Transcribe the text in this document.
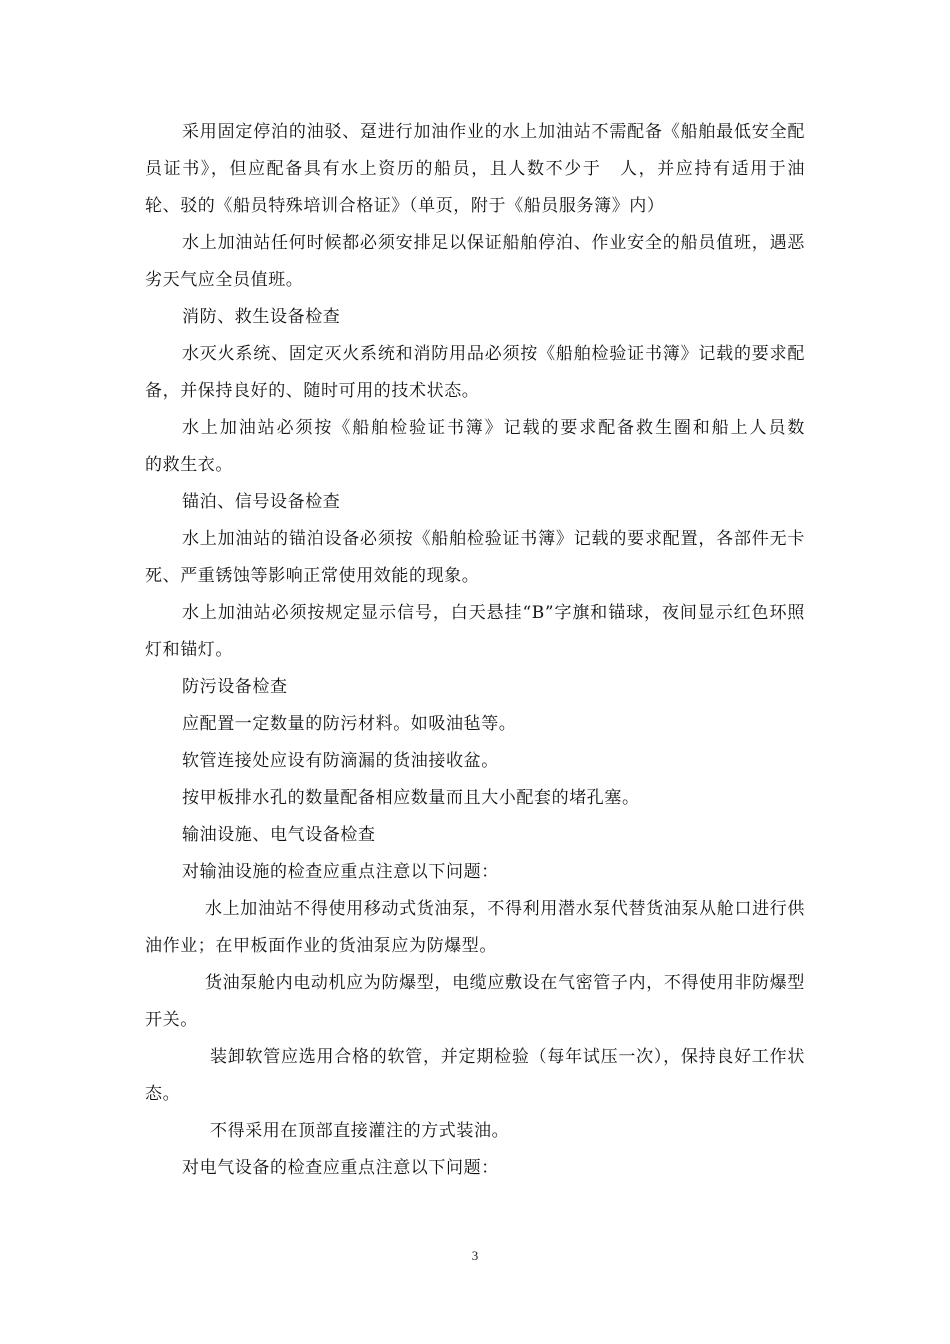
采用固定停泊的油驳、趸进行加油作业的水上加油站不需配备《船舶最低安全配员证书》，但应配备具有水上资历的船员，且人数不少于　人，并应持有适用于油轮、驳的《船员特殊培训合格证》（单页，附于《船员服务簿》内）

水上加油站任何时候都必须安排足以保证船舶停泊、作业安全的船员值班，遇恶劣天气应全员值班。

消防、救生设备检查

水灭火系统、固定灭火系统和消防用品必须按《船舶检验证书簿》记载的要求配备，并保持良好的、随时可用的技术状态。

水上加油站必须按《船舶检验证书簿》记载的要求配备救生圈和船上人员数　　的救生衣。

锚泊、信号设备检查

水上加油站的锚泊设备必须按《船舶检验证书簿》记载的要求配置，各部件无卡死、严重锈蚀等影响正常使用效能的现象。

水上加油站必须按规定显示信号，白天悬挂“B”字旗和锚球，夜间显示红色环照灯和锚灯。

防污设备检查

应配置一定数量的防污材料。如吸油毡等。

软管连接处应设有防滴漏的货油接收盆。

按甲板排水孔的数量配备相应数量而且大小配套的堵孔塞。

输油设施、电气设备检查

对输油设施的检查应重点注意以下问题：

水上加油站不得使用移动式货油泵，不得利用潜水泵代替货油泵从舱口进行供油作业；在甲板面作业的货油泵应为防爆型。

货油泵舱内电动机应为防爆型，电缆应敷设在气密管子内，不得使用非防爆型开关。

装卸软管应选用合格的软管，并定期检验（每年试压一次），保持良好工作状态。

不得采用在顶部直接灌注的方式装油。

对电气设备的检查应重点注意以下问题：

3
